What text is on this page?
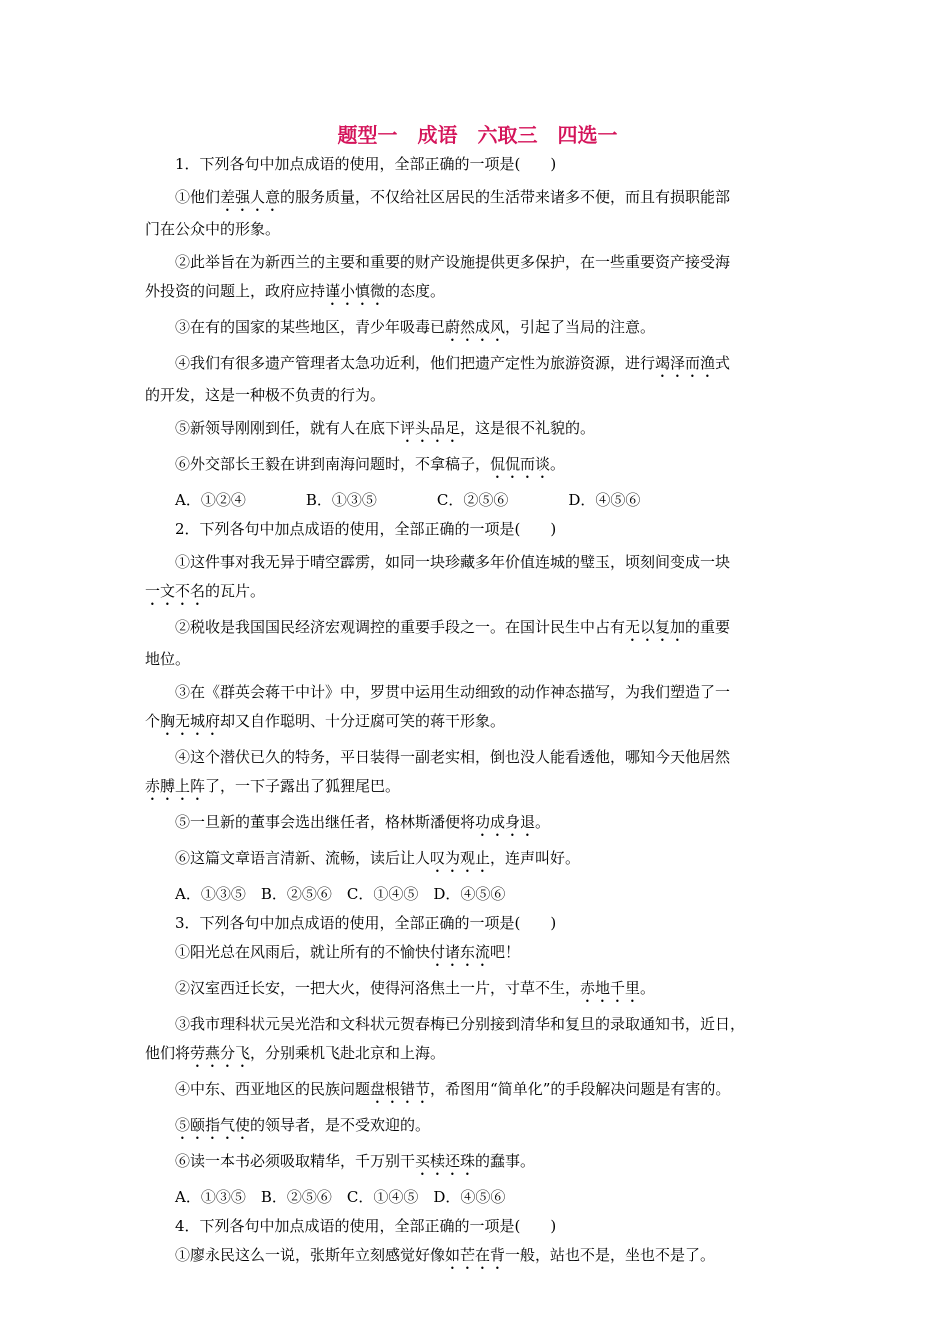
题型一　成语　六取三　四选一
1．下列各句中加点成语的使用，全部正确的一项是(　　)
①他们差强人意的服务质量，不仅给社区居民的生活带来诸多不便，而且有损职能部
门在公众中的形象。
②此举旨在为新西兰的主要和重要的财产设施提供更多保护，在一些重要资产接受海
外投资的问题上，政府应持谨小慎微的态度。
③在有的国家的某些地区，青少年吸毒已蔚然成风，引起了当局的注意。
④我们有很多遗产管理者太急功近利，他们把遗产定性为旅游资源，进行竭泽而渔式
的开发，这是一种极不负责的行为。
⑤新领导刚刚到任，就有人在底下评头品足，这是很不礼貌的。
⑥外交部长王毅在讲到南海问题时，不拿稿子，侃侃而谈。
A．①②④　　　　B．①③⑤　　　　C．②⑤⑥　　　　D．④⑤⑥
2．下列各句中加点成语的使用，全部正确的一项是(　　)
①这件事对我无异于晴空霹雳，如同一块珍藏多年价值连城的璧玉，顷刻间变成一块
一文不名的瓦片。
②税收是我国国民经济宏观调控的重要手段之一。在国计民生中占有无以复加的重要
地位。
③在《群英会蒋干中计》中，罗贯中运用生动细致的动作神态描写，为我们塑造了一
个胸无城府却又自作聪明、十分迂腐可笑的蒋干形象。
④这个潜伏已久的特务，平日装得一副老实相，倒也没人能看透他，哪知今天他居然
赤膊上阵了，一下子露出了狐狸尾巴。
⑤一旦新的董事会选出继任者，格林斯潘便将功成身退。
⑥这篇文章语言清新、流畅，读后让人叹为观止，连声叫好。
A．①③⑤　B．②⑤⑥　C．①④⑤　D．④⑤⑥
3．下列各句中加点成语的使用，全部正确的一项是(　　)
①阳光总在风雨后，就让所有的不愉快付诸东流吧！
②汉室西迁长安，一把大火，使得河洛焦土一片，寸草不生，赤地千里。
③我市理科状元吴光浩和文科状元贺春梅已分别接到清华和复旦的录取通知书，近日，
他们将劳燕分飞，分别乘机飞赴北京和上海。
④中东、西亚地区的民族问题盘根错节，希图用“简单化”的手段解决问题是有害的。
⑤颐指气使的领导者，是不受欢迎的。
⑥读一本书必须吸取精华，千万别干买椟还珠的蠢事。
A．①③⑤　B．②⑤⑥　C．①④⑤　D．④⑤⑥
4．下列各句中加点成语的使用，全部正确的一项是(　　)
①廖永民这么一说，张斯年立刻感觉好像如芒在背一般，站也不是，坐也不是了。
